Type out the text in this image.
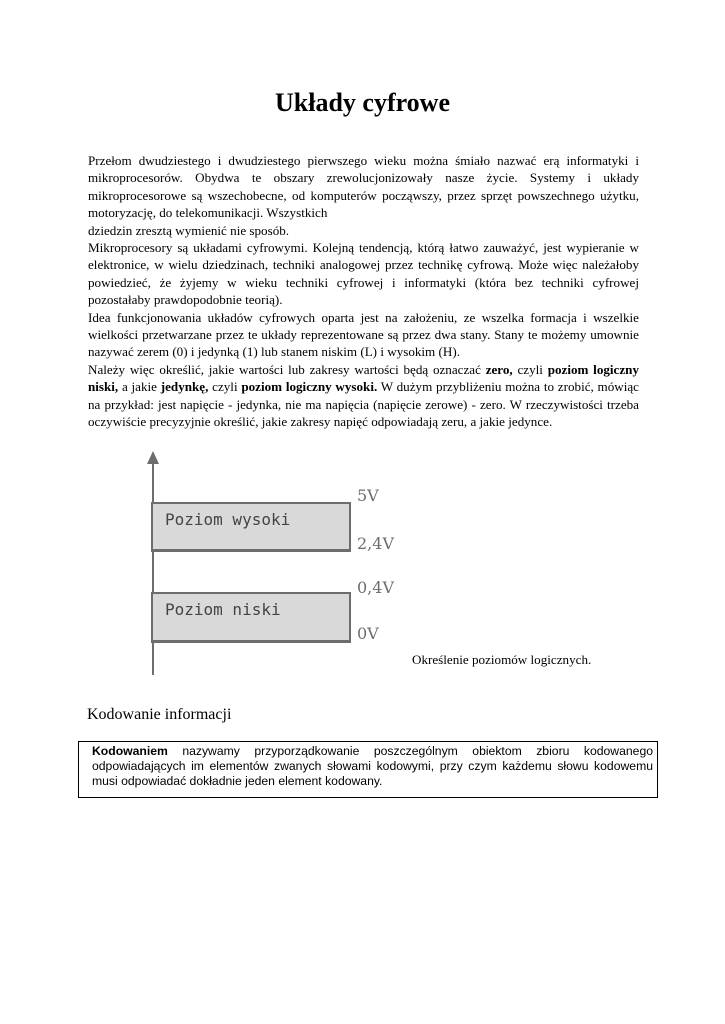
Układy cyfrowe

Przełom dwudziestego i dwudziestego pierwszego wieku można śmiało nazwać erą informatyki i mikroprocesorów. Obydwa te obszary zrewolucjonizowały nasze życie. Systemy i układy mikroprocesorowe są wszechobecne, od komputerów począwszy, przez sprzęt powszechnego użytku, motoryzację, do telekomunikacji. Wszystkich

dziedzin zresztą wymienić nie sposób.

Mikroprocesory są układami cyfrowymi. Kolejną tendencją, którą łatwo zauważyć, jest wypieranie w elektronice, w wielu dziedzinach, techniki analogowej przez technikę cyfrową. Może więc należałoby powiedzieć, że żyjemy w wieku techniki cyfrowej i informatyki (która bez techniki cyfrowej pozostałaby prawdopodobnie teorią).

Idea funkcjonowania układów cyfrowych oparta jest na założeniu, ze wszelka formacja i wszelkie wielkości przetwarzane przez te układy reprezentowane są przez dwa stany. Stany te możemy umownie nazywać zerem (0) i jedynką (1) lub stanem niskim (L) i wysokim (H).

Należy więc określić, jakie wartości lub zakresy wartości będą oznaczać zero, czyli poziom logiczny niski, a jakie jedynkę, czyli poziom logiczny wysoki. W dużym przybliżeniu można to zrobić, mówiąc na przykład: jest napięcie - jedynka, nie ma napięcia (napięcie zerowe) - zero. W rzeczywistości trzeba oczywiście precyzyjnie określić, jakie zakresy napięć odpowiadają zeru, a jakie jedynce.

Poziom wysoki
Poziom niski
5V
2,4V
0,4V
0V
Określenie poziomów logicznych.
Kodowanie informacji
Kodowaniem nazywamy przyporządkowanie poszczególnym obiektom zbioru kodowanego odpowiadających im elementów zwanych słowami kodowymi, przy czym każdemu słowu kodowemu musi odpowiadać dokładnie jeden element kodowany.
